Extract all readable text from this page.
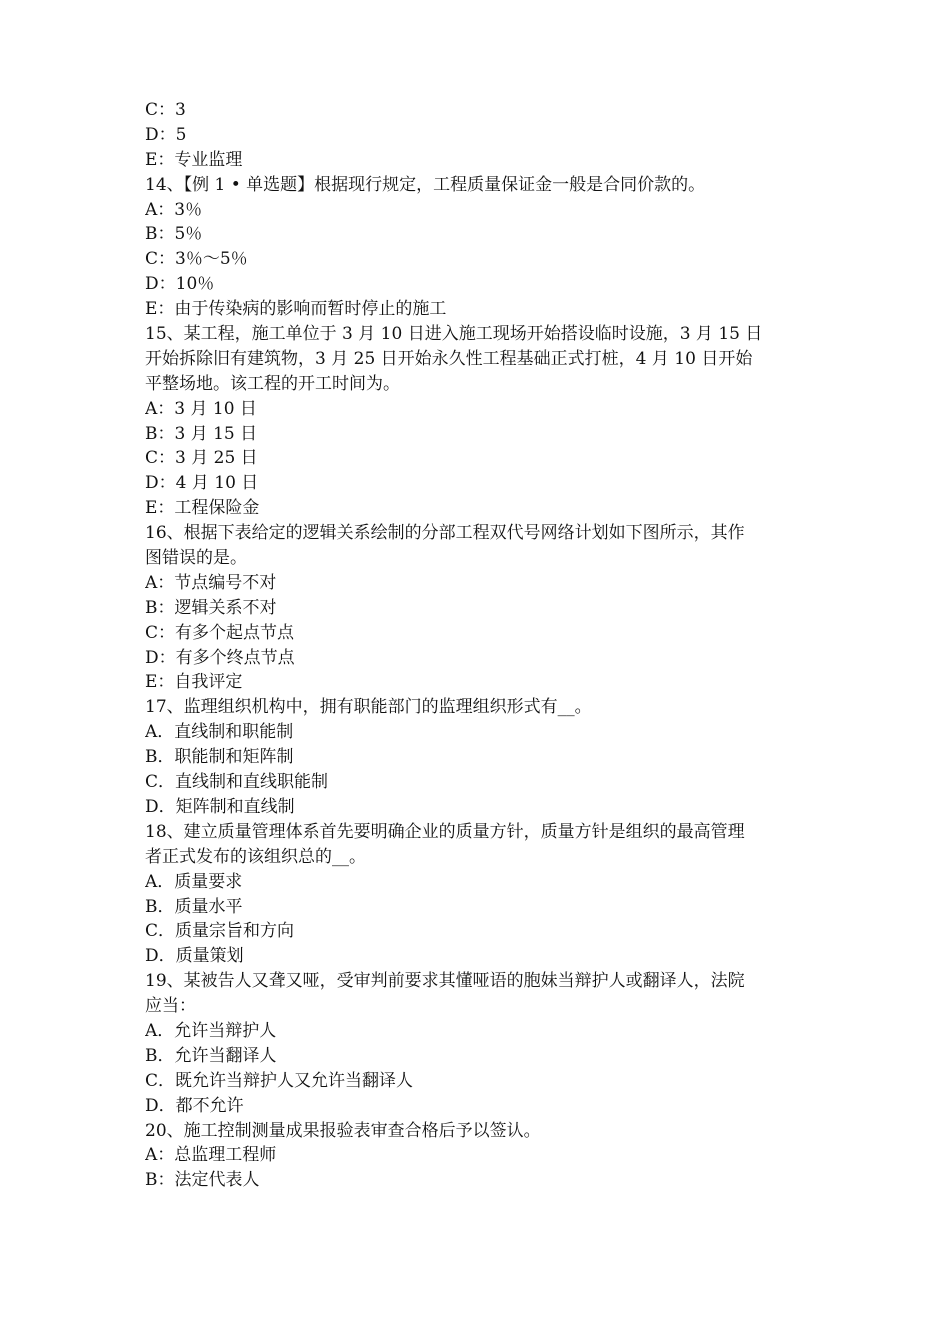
C：3
D：5
E：专业监理
14、【例 1 • 单选题】根据现行规定，工程质量保证金一般是合同价款的。
A：3％
B：5％
C：3％～5％
D：10％
E：由于传染病的影响而暂时停止的施工
15、某工程，施工单位于 3 月 10 日进入施工现场开始搭设临时设施，3 月 15 日
开始拆除旧有建筑物，3 月 25 日开始永久性工程基础正式打桩，4 月 10 日开始
平整场地。该工程的开工时间为。
A：3 月 10 日
B：3 月 15 日
C：3 月 25 日
D：4 月 10 日
E：工程保险金
16、根据下表给定的逻辑关系绘制的分部工程双代号网络计划如下图所示，其作
图错误的是。
A：节点编号不对
B：逻辑关系不对
C：有多个起点节点
D：有多个终点节点
E：自我评定
17、监理组织机构中，拥有职能部门的监理组织形式有__。
A．直线制和职能制
B．职能制和矩阵制
C．直线制和直线职能制
D．矩阵制和直线制
18、建立质量管理体系首先要明确企业的质量方针，质量方针是组织的最高管理
者正式发布的该组织总的__。
A．质量要求
B．质量水平
C．质量宗旨和方向
D．质量策划
19、某被告人又聋又哑，受审判前要求其懂哑语的胞妹当辩护人或翻译人，法院
应当：
A．允许当辩护人
B．允许当翻译人
C．既允许当辩护人又允许当翻译人
D．都不允许
20、施工控制测量成果报验表审查合格后予以签认。
A：总监理工程师
B：法定代表人
